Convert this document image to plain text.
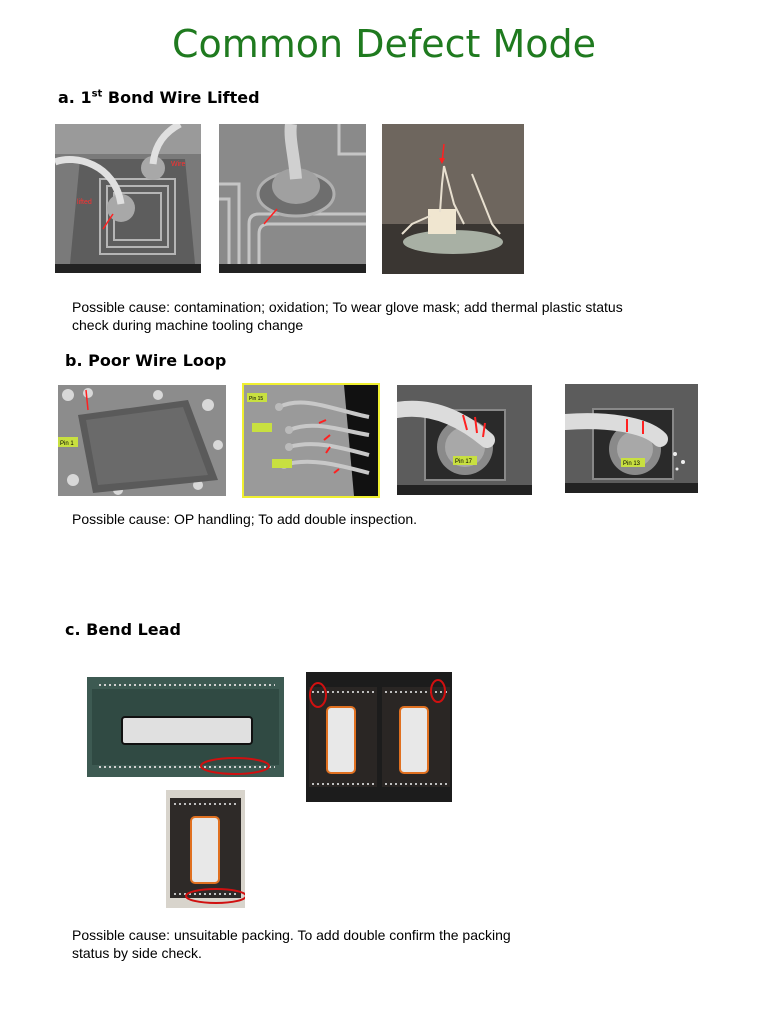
Common Defect Mode
a. 1st Bond Wire Lifted
lifted
Wire
Possible cause: contamination; oxidation; To wear glove mask; add thermal plastic status
check during machine tooling change
b. Poor Wire Loop
Pin 1
Pin 15
Pin 17	Pin 13
Possible cause: OP handling; To add double inspection.
c. Bend Lead
Possible cause: unsuitable packing. To add double confirm the packing
status by side check.
